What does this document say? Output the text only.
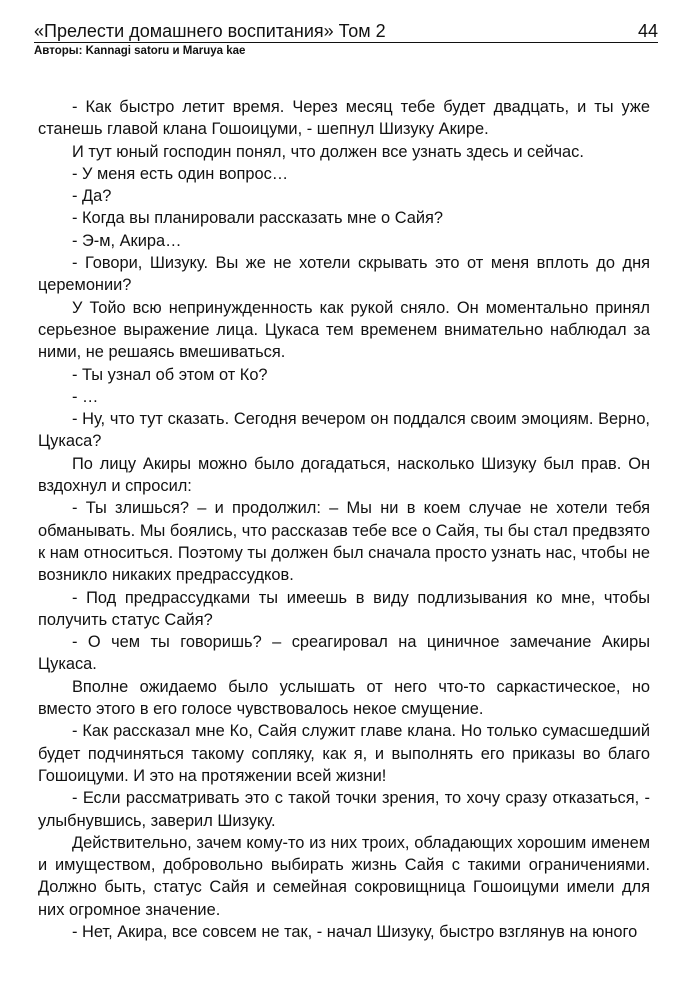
«Прелести домашнего воспитания» Том 2	44
Авторы: Kannagi satoru и Maruya kae

- Как быстро летит время. Через месяц тебе будет двадцать, и ты уже станешь главой клана Гошоицуми, - шепнул Шизуку Акире.

И тут юный господин понял, что должен все узнать здесь и сейчас.

- У меня есть один вопрос…

- Да?

- Когда вы планировали рассказать мне о Сайя?

- Э-м, Акира…

- Говори, Шизуку. Вы же не хотели скрывать это от меня вплоть до дня церемонии?

У Тойо всю непринужденность как рукой сняло. Он моментально принял серьезное выражение лица. Цукаса тем временем внимательно наблюдал за ними, не решаясь вмешиваться.

- Ты узнал об этом от Ко?

- …

- Ну, что тут сказать. Сегодня вечером он поддался своим эмоциям. Верно, Цукаса?

По лицу Акиры можно было догадаться, насколько Шизуку был прав. Он вздохнул и спросил:

- Ты злишься? – и продолжил: – Мы ни в коем случае не хотели тебя обманывать. Мы боялись, что рассказав тебе все о Сайя, ты бы стал предвзято к нам относиться. Поэтому ты должен был сначала просто узнать нас, чтобы не возникло никаких предрассудков.

- Под предрассудками ты имеешь в виду подлизывания ко мне, чтобы получить статус Сайя?

- О чем ты говоришь? – среагировал на циничное замечание Акиры Цукаса.

Вполне ожидаемо было услышать от него что-то саркастическое, но вместо этого в его голосе чувствовалось некое смущение.

- Как рассказал мне Ко, Сайя служит главе клана. Но только сумасшедший будет подчиняться такому сопляку, как я, и выполнять его приказы во благо Гошоицуми. И это на протяжении всей жизни!

- Если рассматривать это с такой точки зрения, то хочу сразу отказаться, - улыбнувшись, заверил Шизуку.

Действительно, зачем кому-то из них троих, обладающих хорошим именем и имуществом, добровольно выбирать жизнь Сайя с такими ограничениями. Должно быть, статус Сайя и семейная сокровищница Гошоицуми имели для них огромное значение.

- Нет, Акира, все совсем не так, - начал Шизуку, быстро взглянув на юного
